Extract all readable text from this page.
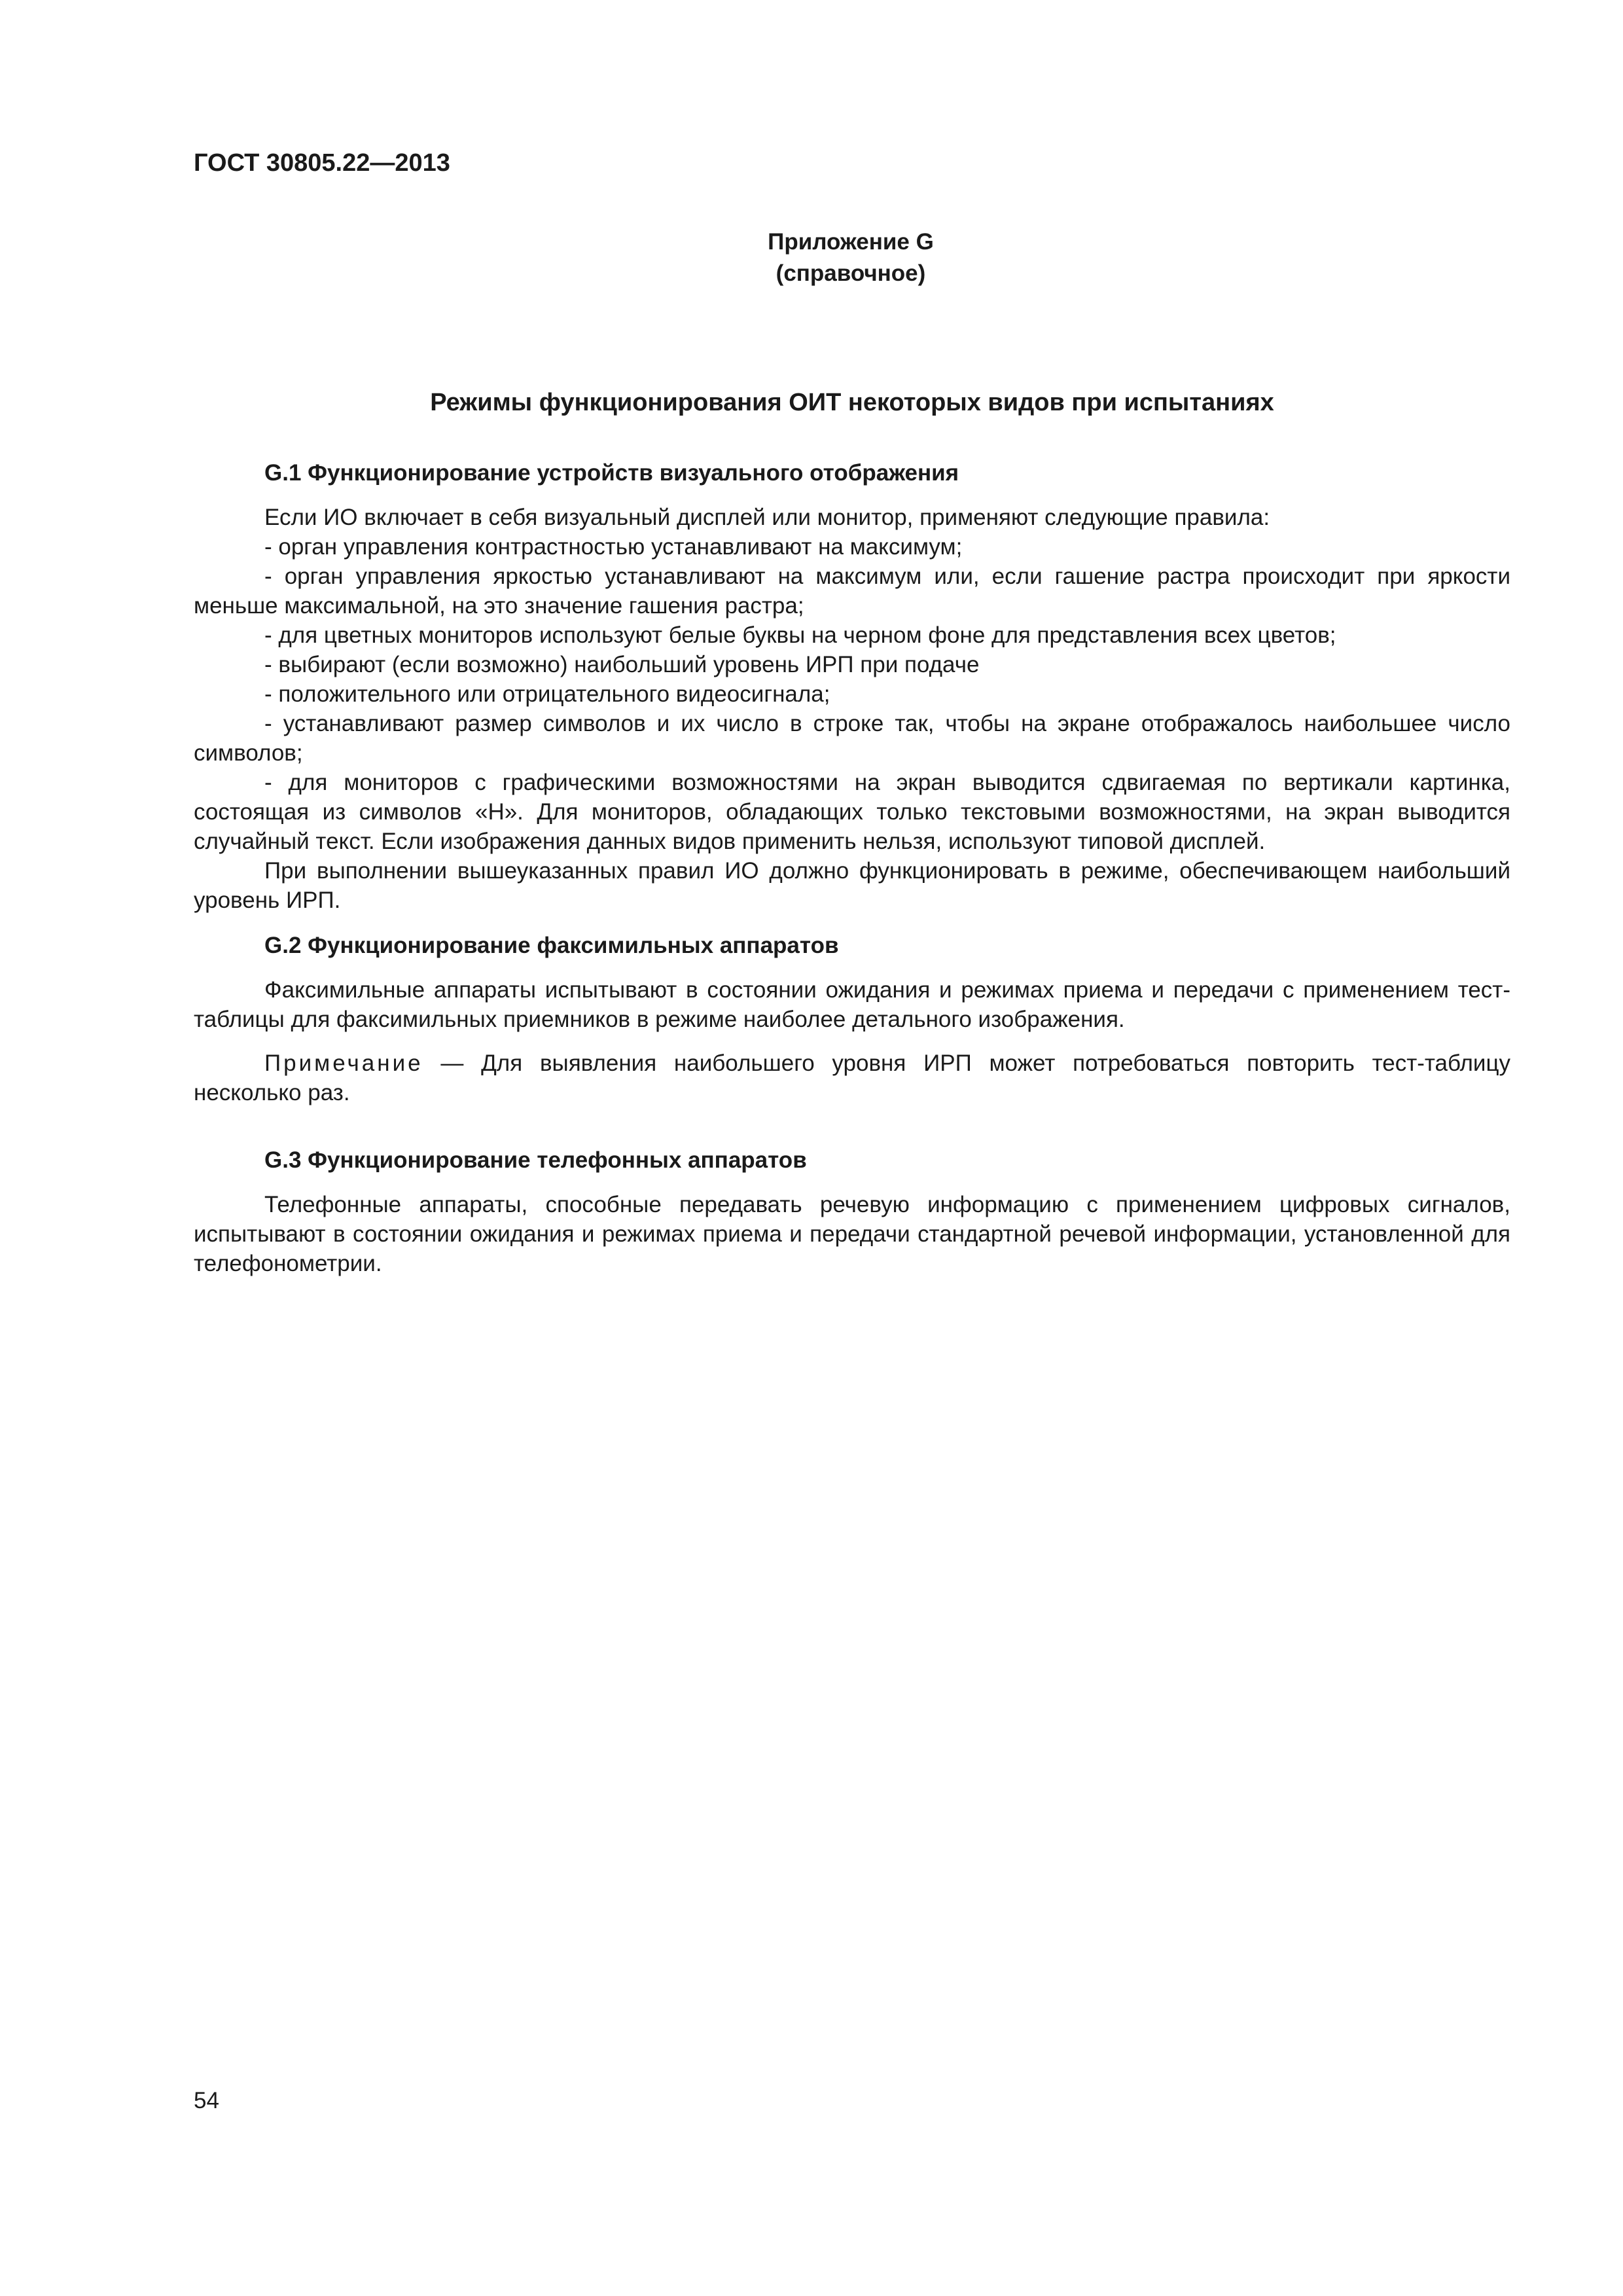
ГОСТ 30805.22—2013

Приложение G

(справочное)

Режимы функционирования ОИТ некоторых видов при испытаниях

G.1 Функционирование устройств визуального отображения

Если ИО включает в себя визуальный дисплей или монитор, применяют следующие правила:

- орган управления контрастностью устанавливают на максимум;

- орган управления яркостью устанавливают на максимум или, если гашение растра происходит при яркости меньше максимальной, на это значение гашения растра;

- для цветных мониторов используют белые буквы на черном фоне для представления всех цветов;

- выбирают (если возможно) наибольший уровень ИРП при подаче

- положительного или отрицательного видеосигнала;

- устанавливают размер символов и их число в строке так, чтобы на экране отображалось наибольшее число символов;

- для мониторов с графическими возможностями на экран выводится сдвигаемая по вертикали картинка, состоящая из символов «Н». Для мониторов, обладающих только текстовыми возможностями, на экран выводится случайный текст. Если изображения данных видов применить нельзя, используют типовой дисплей.

При выполнении вышеуказанных правил ИО должно функционировать в режиме, обеспечивающем наибольший уровень ИРП.

G.2 Функционирование факсимильных аппаратов

Факсимильные аппараты испытывают в состоянии ожидания и режимах приема и передачи с применением тест-таблицы для факсимильных приемников в режиме наиболее детального изображения.

Примечание — Для выявления наибольшего уровня ИРП может потребоваться повторить тест-таблицу несколько раз.

G.3 Функционирование телефонных аппаратов

Телефонные аппараты, способные передавать речевую информацию с применением цифровых сигналов, испытывают в состоянии ожидания и режимах приема и передачи стандартной речевой информации, установленной для телефонометрии.

54
